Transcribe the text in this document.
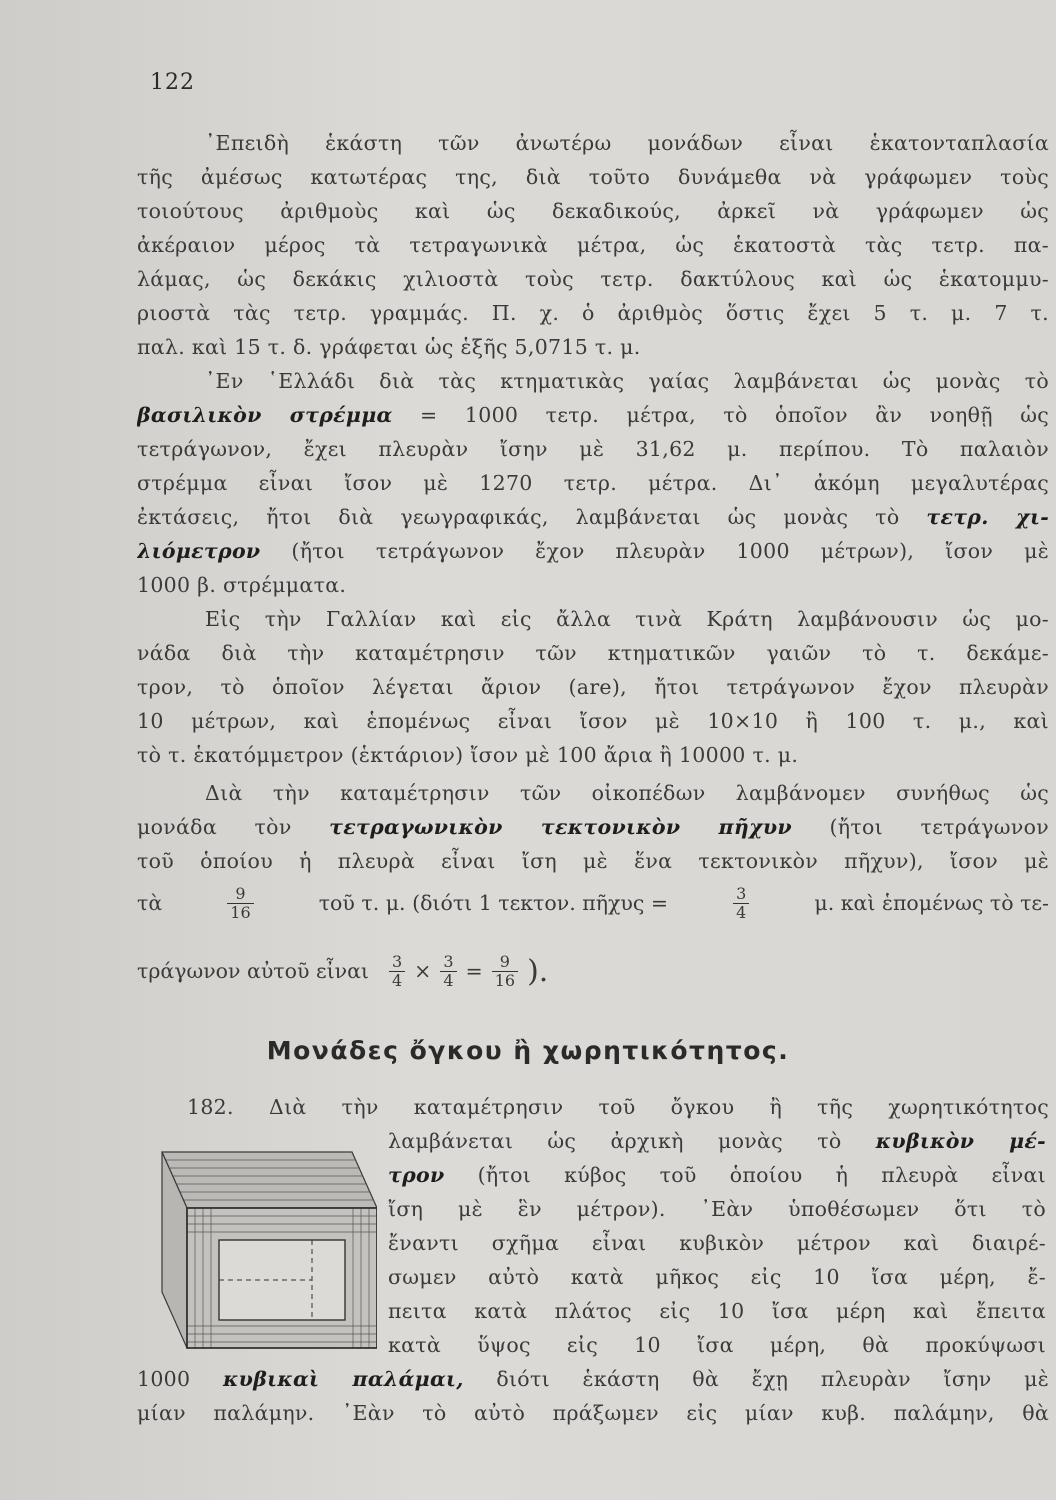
122
᾿Επειδὴ ἑκάστη τῶν ἀνωτέρω μονάδων εἶναι ἑκατονταπλασία
τῆς ἀμέσως κατωτέρας της, διὰ τοῦτο δυνάμεθα νὰ γράφωμεν τοὺς
τοιούτους ἀριθμοὺς καὶ ὡς δεκαδικούς, ἀρκεῖ νὰ γράφωμεν ὡς
ἀκέραιον μέρος τὰ τετραγωνικὰ μέτρα, ὡς ἑκατοστὰ τὰς τετρ. πα-
λάμας, ὡς δεκάκις χιλιοστὰ τοὺς τετρ. δακτύλους καὶ ὡς ἑκατομμυ-
ριοστὰ τὰς τετρ. γραμμάς. Π. χ. ὁ ἀριθμὸς ὅστις ἔχει 5 τ. μ. 7 τ.
παλ. καὶ 15 τ. δ. γράφεται ὡς ἑξῆς 5,0715 τ. μ.
᾿Εν ῾Ελλάδι διὰ τὰς κτηματικὰς γαίας λαμβάνεται ὡς μονὰς τὸ
βασιλικὸν στρέμμα = 1000 τετρ. μέτρα, τὸ ὁποῖον ἂν νοηθῇ ὡς
τετράγωνον, ἔχει πλευρὰν ἴσην μὲ 31,62 μ. περίπου. Τὸ παλαιὸν
στρέμμα εἶναι ἴσον μὲ 1270 τετρ. μέτρα. Δι᾿ ἀκόμη μεγαλυτέρας
ἐκτάσεις, ἤτοι διὰ γεωγραφικάς, λαμβάνεται ὡς μονὰς τὸ τετρ. χι-
λιόμετρον (ἤτοι τετράγωνον ἔχον πλευρὰν 1000 μέτρων), ἴσον μὲ
1000 β. στρέμματα.
Εἰς τὴν Γαλλίαν καὶ εἰς ἄλλα τινὰ Κράτη λαμβάνουσιν ὡς μο-
νάδα διὰ τὴν καταμέτρησιν τῶν κτηματικῶν γαιῶν τὸ τ. δεκάμε-
τρον, τὸ ὁποῖον λέγεται ἄριον (are), ἤτοι τετράγωνον ἔχον πλευρὰν
10 μέτρων, καὶ ἑπομένως εἶναι ἴσον μὲ 10×10 ἢ 100 τ. μ., καὶ
τὸ τ. ἑκατόμμετρον (ἑκτάριον) ἴσον μὲ 100 ἄρια ἢ 10000 τ. μ.
Διὰ τὴν καταμέτρησιν τῶν οἰκοπέδων λαμβάνομεν συνήθως ὡς
μονάδα τὸν τετραγωνικὸν τεκτονικὸν πῆχυν (ἤτοι τετράγωνον
τοῦ ὁποίου ἡ πλευρὰ εἶναι ἴση μὲ ἕνα τεκτονικὸν πῆχυν), ἴσον μὲ
τὰ	$\frac{9}{16}$	τοῦ τ. μ. (διότι 1 τεκτον. πῆχυς =	$\frac{3}{4}$	μ. καὶ ἑπομένως τὸ τε-
τράγωνον αὐτοῦ εἶναι $\frac{3}{4} \times \frac{3}{4} = \frac{9}{16}$ ).
Μονάδες ὄγκου ἢ χωρητικότητος.
182. Διὰ τὴν καταμέτρησιν τοῦ ὄγκου ἢ τῆς χωρητικότητος
λαμβάνεται ὡς ἀρχικὴ μονὰς τὸ κυβικὸν μέ-
τρον (ἤτοι κύβος τοῦ ὁποίου ἡ πλευρὰ εἶναι
ἴση μὲ ἓν μέτρον). ᾿Εὰν ὑποθέσωμεν ὅτι τὸ
ἔναντι σχῆμα εἶναι κυβικὸν μέτρον καὶ διαιρέ-
σωμεν αὐτὸ κατὰ μῆκος εἰς 10 ἴσα μέρη, ἔ-
πειτα κατὰ πλάτος εἰς 10 ἴσα μέρη καὶ ἔπειτα
κατὰ ὕψος εἰς 10 ἴσα μέρη, θὰ προκύψωσι
1000 κυβικαὶ παλάμαι, διότι ἑκάστη θὰ ἔχῃ πλευρὰν ἴσην μὲ
μίαν παλάμην. ᾿Εὰν τὸ αὐτὸ πράξωμεν εἰς μίαν κυβ. παλάμην, θὰ
